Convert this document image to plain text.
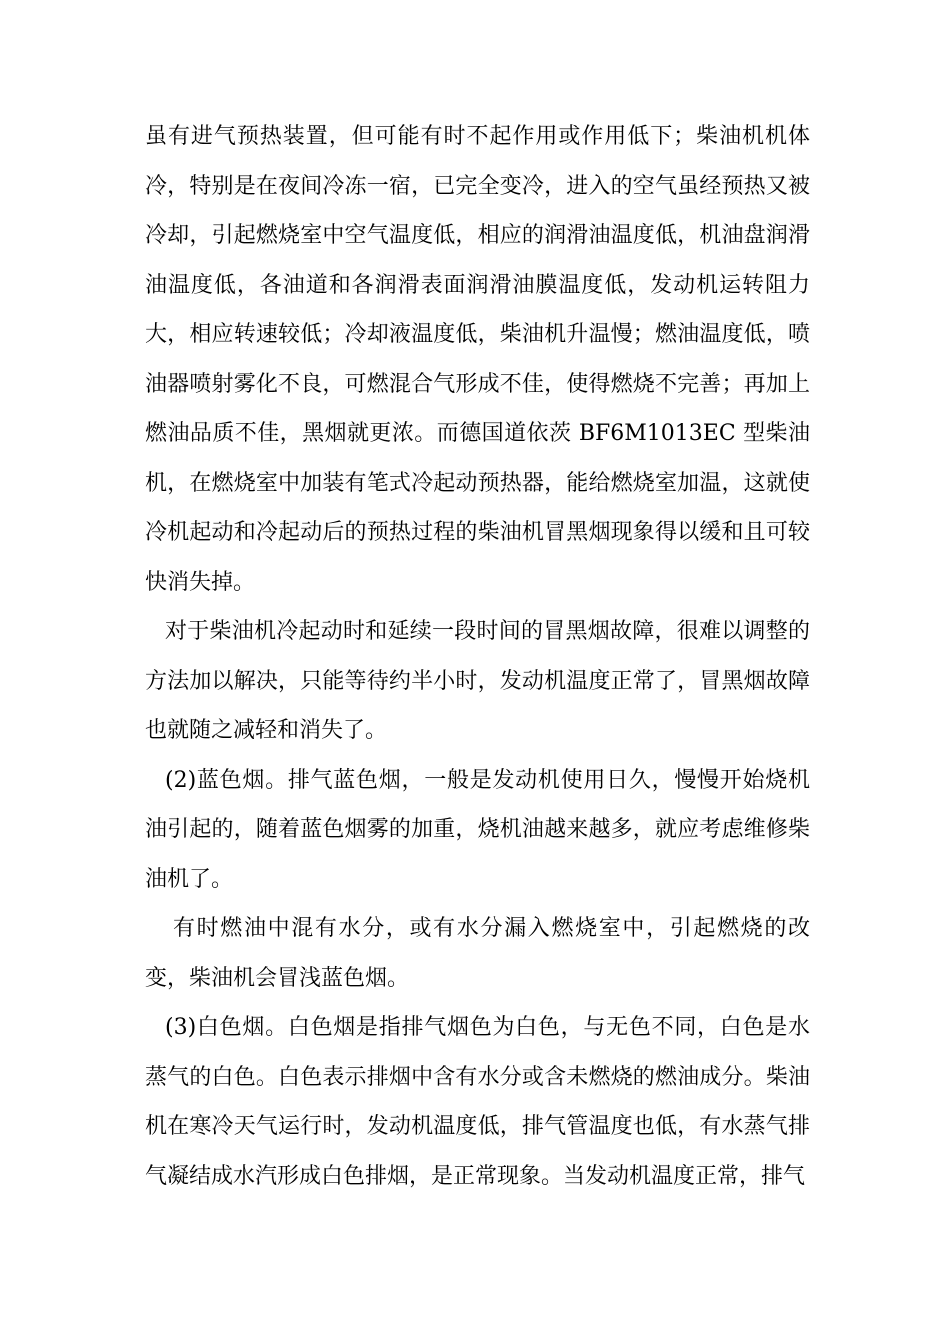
虽有进气预热装置，但可能有时不起作用或作用低下；柴油机机体冷，特别是在夜间冷冻一宿，已完全变冷，进入的空气虽经预热又被冷却，引起燃烧室中空气温度低，相应的润滑油温度低，机油盘润滑油温度低，各油道和各润滑表面润滑油膜温度低，发动机运转阻力大，相应转速较低；冷却液温度低，柴油机升温慢；燃油温度低，喷油器喷射雾化不良，可燃混合气形成不佳，使得燃烧不完善；再加上燃油品质不佳，黑烟就更浓。而德国道依茨 BF6M1013EC 型柴油机，在燃烧室中加装有笔式冷起动预热器，能给燃烧室加温，这就使冷机起动和冷起动后的预热过程的柴油机冒黑烟现象得以缓和且可较快消失掉。

对于柴油机冷起动时和延续一段时间的冒黑烟故障，很难以调整的方法加以解决，只能等待约半小时，发动机温度正常了，冒黑烟故障也就随之减轻和消失了。

(2)蓝色烟。排气蓝色烟，一般是发动机使用日久，慢慢开始烧机油引起的，随着蓝色烟雾的加重，烧机油越来越多，就应考虑维修柴油机了。

有时燃油中混有水分，或有水分漏入燃烧室中，引起燃烧的改变，柴油机会冒浅蓝色烟。

(3)白色烟。白色烟是指排气烟色为白色，与无色不同，白色是水蒸气的白色。白色表示排烟中含有水分或含未燃烧的燃油成分。柴油机在寒冷天气运行时，发动机温度低，排气管温度也低，有水蒸气排气凝结成水汽形成白色排烟，是正常现象。当发动机温度正常，排气
